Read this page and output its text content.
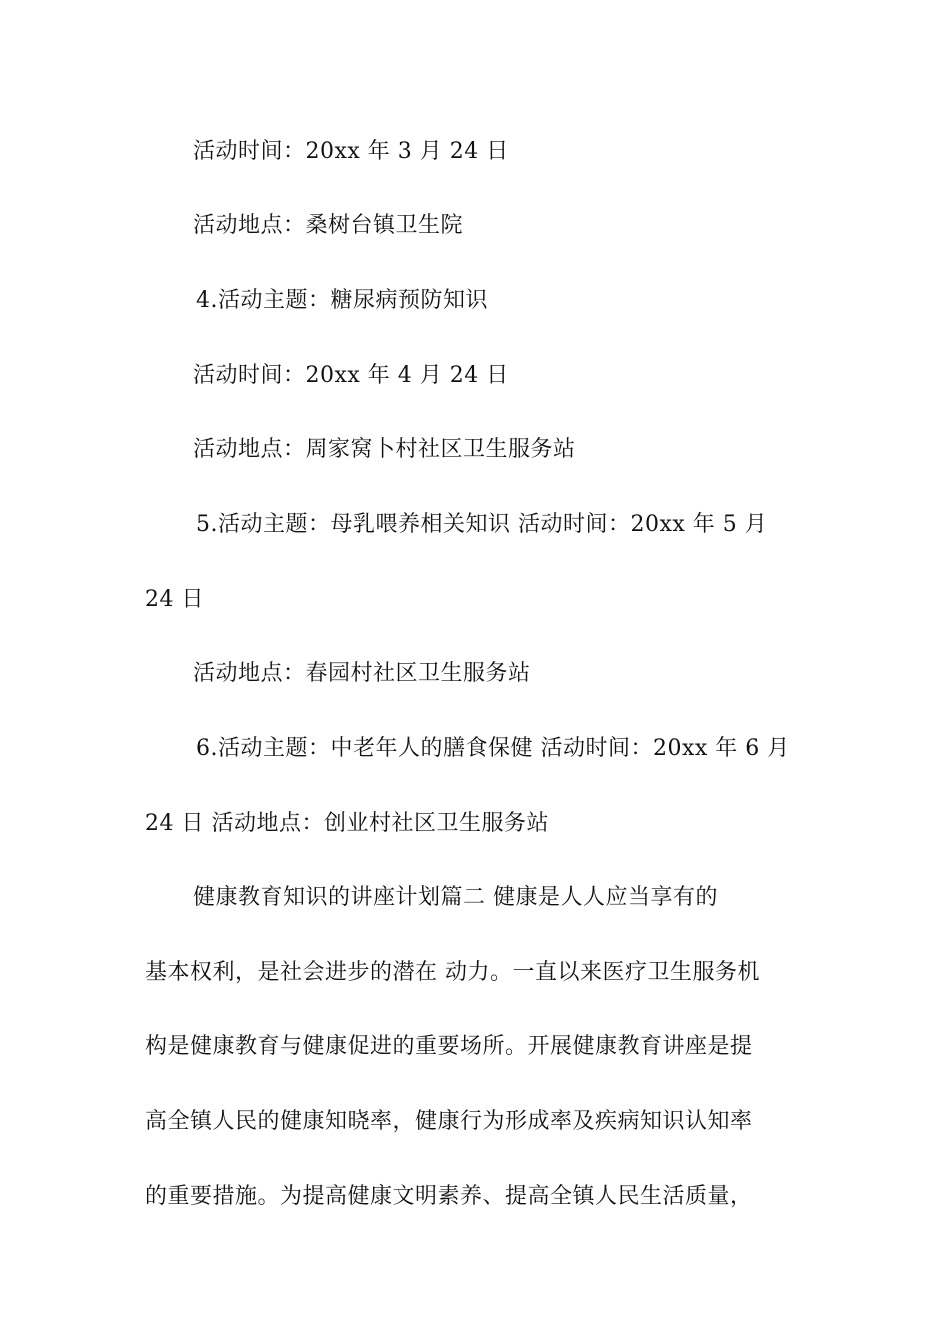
活动时间：20xx 年 3 月 24 日
活动地点：桑树台镇卫生院
4.活动主题：糖尿病预防知识
活动时间：20xx 年 4 月 24 日
活动地点：周家窝卜村社区卫生服务站
5.活动主题：母乳喂养相关知识 活动时间：20xx 年 5 月
24 日
活动地点：春园村社区卫生服务站
6.活动主题：中老年人的膳食保健 活动时间：20xx 年 6 月
24 日 活动地点：创业村社区卫生服务站
健康教育知识的讲座计划篇二 健康是人人应当享有的
基本权利，是社会进步的潜在 动力。一直以来医疗卫生服务机
构是健康教育与健康促进的重要场所。开展健康教育讲座是提
高全镇人民的健康知晓率，健康行为形成率及疾病知识认知率
的重要措施。为提高健康文明素养、提高全镇人民生活质量，
